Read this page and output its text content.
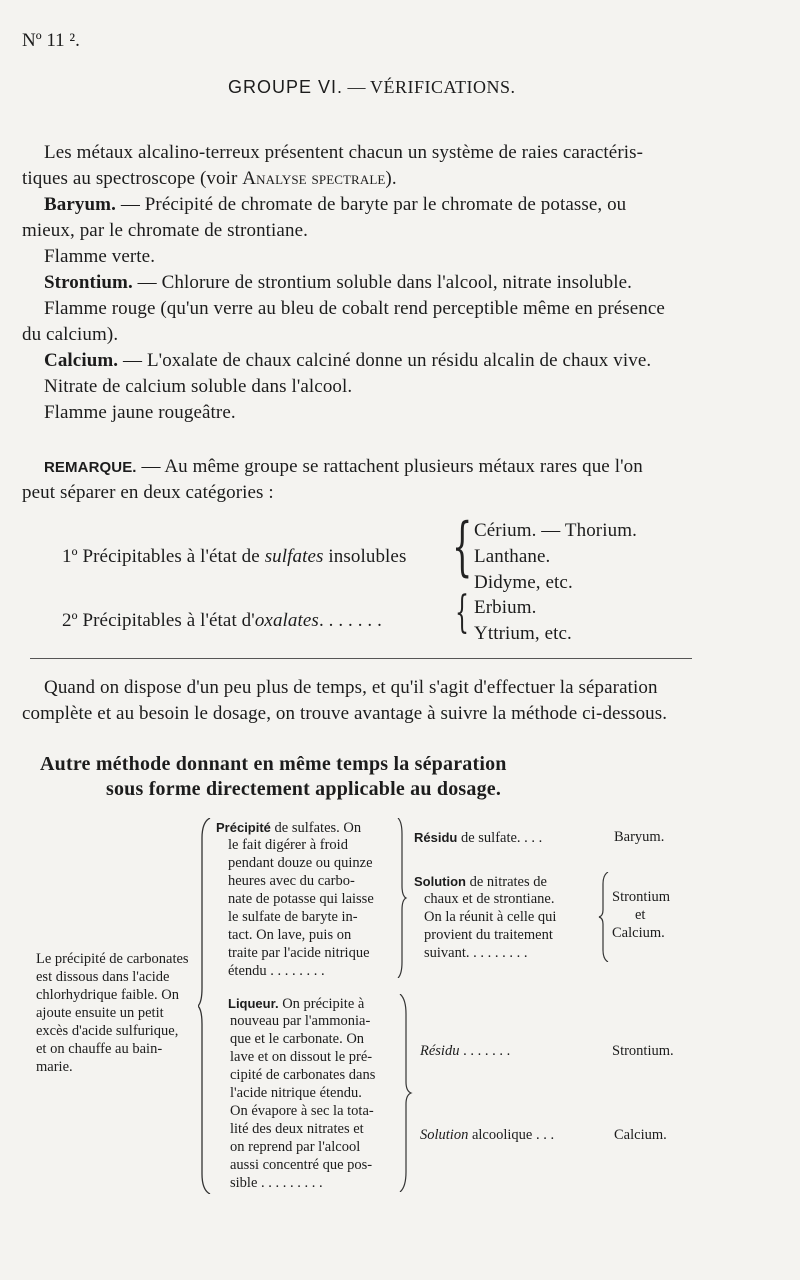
Nº 11 ².
GROUPE VI. — VÉRIFICATIONS.
Les métaux alcalino-terreux présentent chacun un système de raies caractéris-
tiques au spectroscope (voir Analyse spectrale).
Baryum. — Précipité de chromate de baryte par le chromate de potasse, ou
mieux, par le chromate de strontiane.
Flamme verte.
Strontium. — Chlorure de strontium soluble dans l'alcool, nitrate insoluble.
Flamme rouge (qu'un verre au bleu de cobalt rend perceptible même en présence
du calcium).
Calcium. — L'oxalate de chaux calciné donne un résidu alcalin de chaux vive.
Nitrate de calcium soluble dans l'alcool.
Flamme jaune rougeâtre.
REMARQUE. — Au même groupe se rattachent plusieurs métaux rares que l'on
peut séparer en deux catégories :
1º Précipitables à l'état de sulfates insolubles { Cérium. — Thorium.
Lanthane.
Didyme, etc.
2º Précipitables à l'état d'oxalates. . . . . . . { Erbium.
Yttrium, etc.
Quand on dispose d'un peu plus de temps, et qu'il s'agit d'effectuer la séparation
complète et au besoin le dosage, on trouve avantage à suivre la méthode ci-dessous.
Autre méthode donnant en même temps la séparation
sous forme directement applicable au dosage.
Le précipité de carbonates
est dissous dans l'acide
chlorhydrique faible. On
ajoute ensuite un petit
excès d'acide sulfurique,
et on chauffe au bain-
marie.
Précipité de sulfates. On
le fait digérer à froid
pendant douze ou quinze
heures avec du carbo-
nate de potasse qui laisse
le sulfate de baryte in-
tact. On lave, puis on
traite par l'acide nitrique
étendu . . . . . . . .
Résidu de sulfate. . . .	Baryum.
Solution de nitrates de
chaux et de strontiane.
On la réunit à celle qui
provient du traitement
suivant. . . . . . . . .
Strontium
et
Calcium.
Liqueur. On précipite à
nouveau par l'ammonia-
que et le carbonate. On
lave et on dissout le pré-
cipité de carbonates dans
l'acide nitrique étendu.
On évapore à sec la tota-
lité des deux nitrates et
on reprend par l'alcool
aussi concentré que pos-
sible . . . . . . . . .
Résidu . . . . . . .	Strontium.
Solution alcoolique . . .	Calcium.
